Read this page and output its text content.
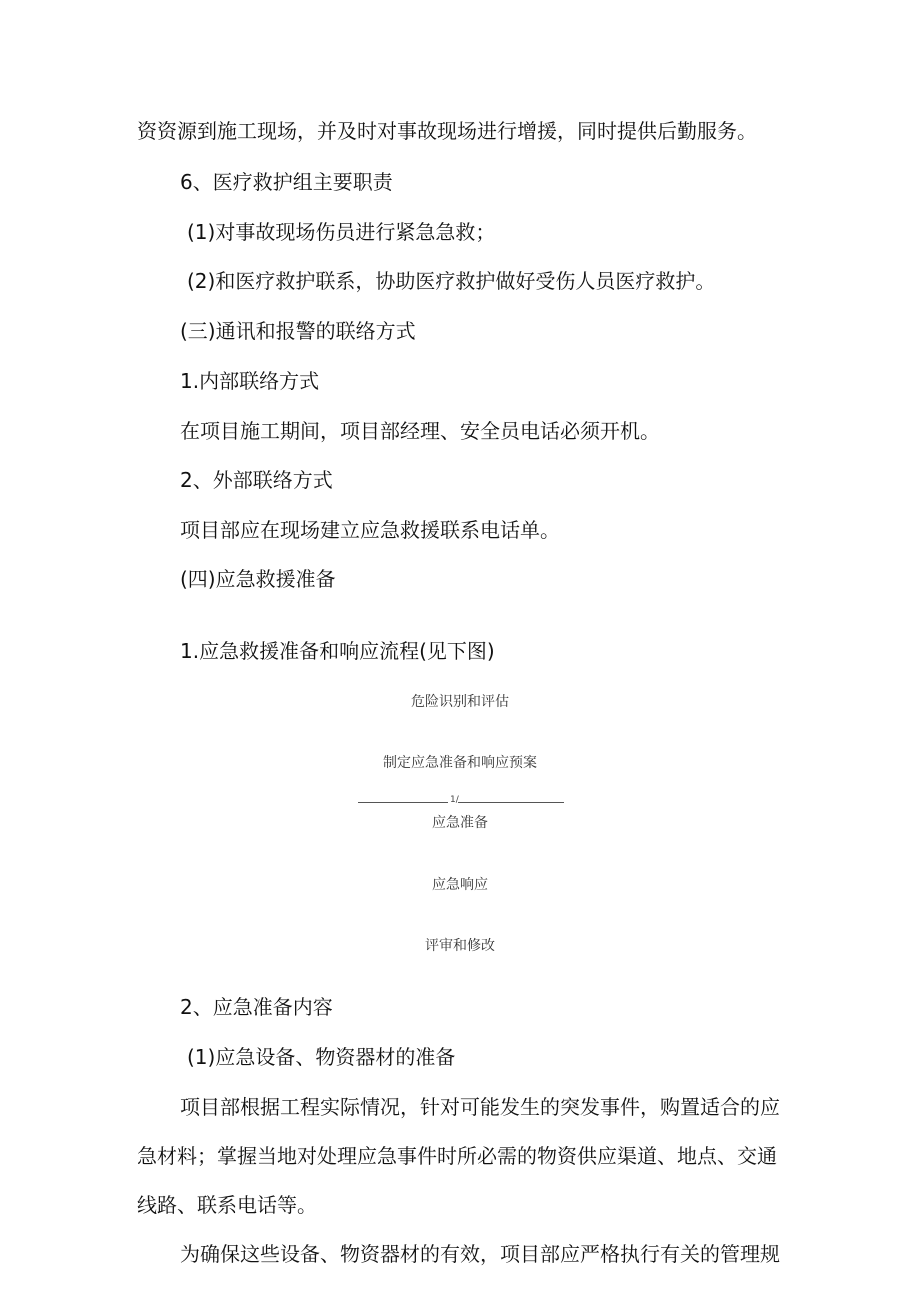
资资源到施工现场，并及时对事故现场进行增援，同时提供后勤服务。
6、医疗救护组主要职责
(1)对事故现场伤员进行紧急急救；
(2)和医疗救护联系，协助医疗救护做好受伤人员医疗救护。
(三)通讯和报警的联络方式
1.内部联络方式
在项目施工期间，项目部经理、安全员电话必须开机。
2、外部联络方式
项目部应在现场建立应急救援联系电话单。
(四)应急救援准备
1.应急救援准备和响应流程(见下图)
危险识别和评估
制定应急准备和响应预案
1/
应急准备
应急响应
评审和修改
2、应急准备内容
(1)应急设备、物资器材的准备
项目部根据工程实际情况，针对可能发生的突发事件，购置适合的应
急材料；掌握当地对处理应急事件时所必需的物资供应渠道、地点、交通
线路、联系电话等。
为确保这些设备、物资器材的有效，项目部应严格执行有关的管理规
